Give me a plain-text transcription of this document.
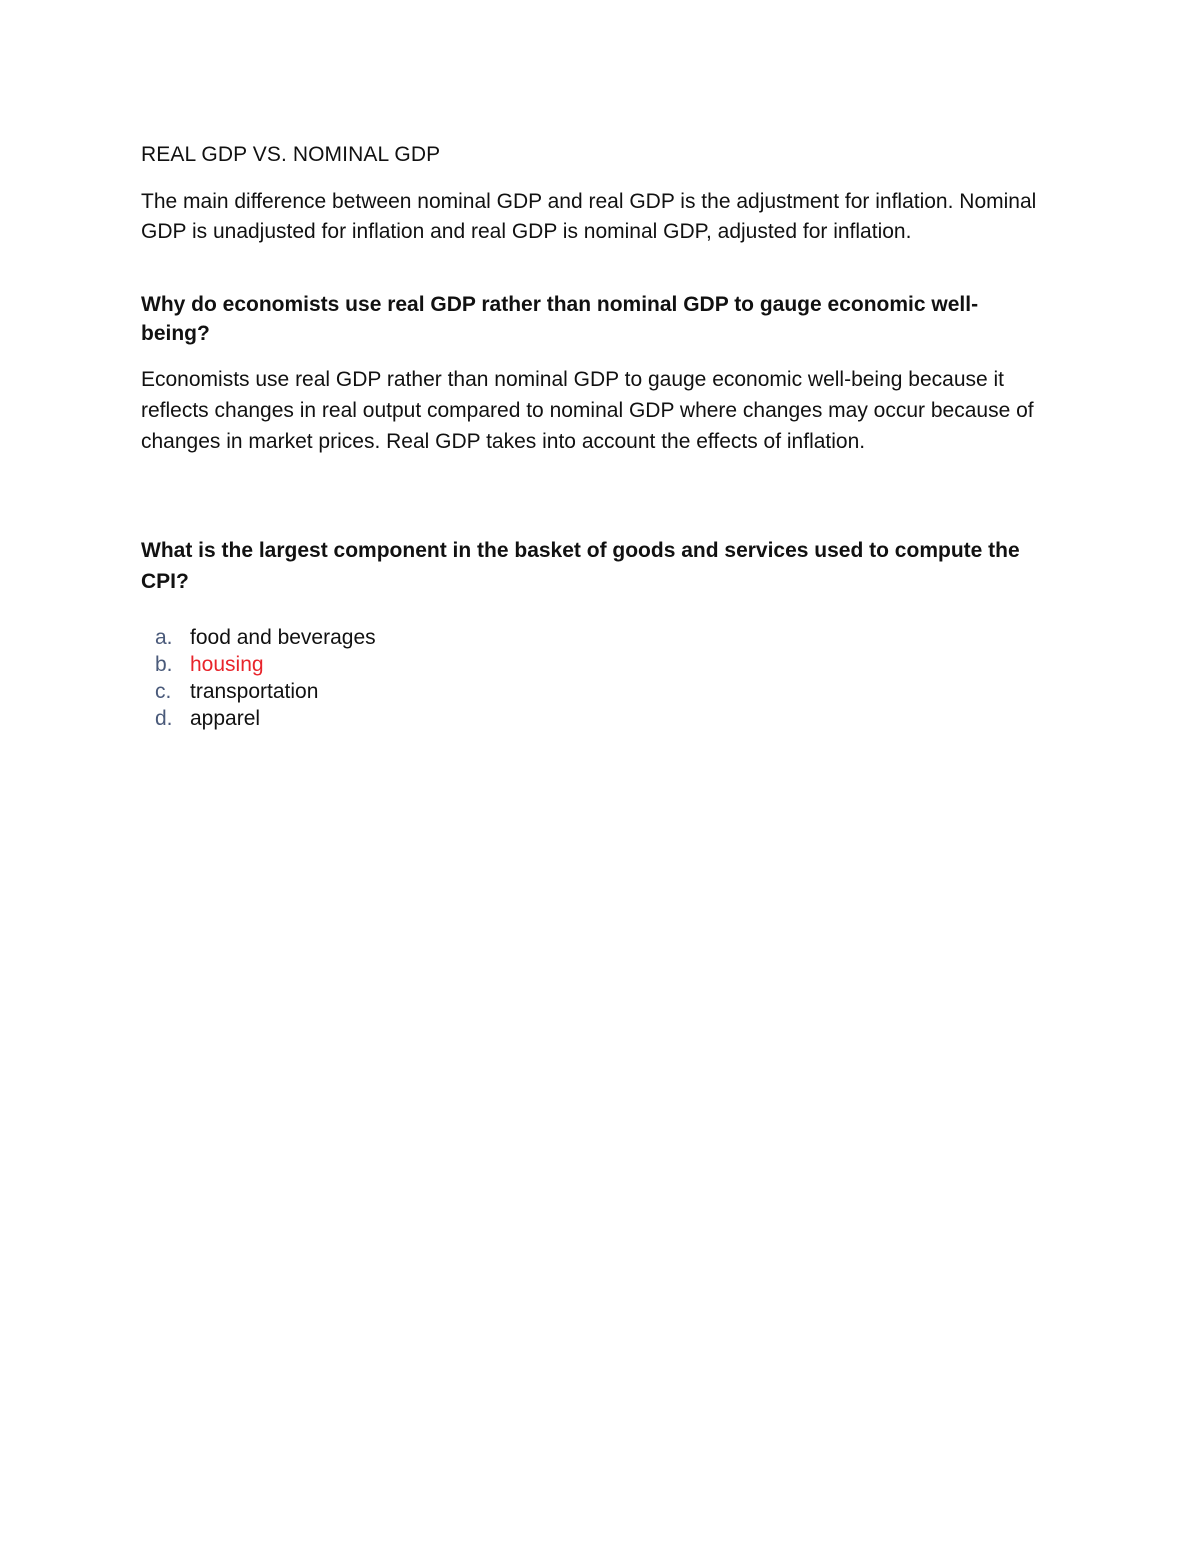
REAL GDP VS. NOMINAL GDP
The main difference between nominal GDP and real GDP is the adjustment for inflation. Nominal GDP is unadjusted for inflation and real GDP is nominal GDP, adjusted for inflation.
Why do economists use real GDP rather than nominal GDP to gauge economic well-being?
Economists use real GDP rather than nominal GDP to gauge economic well-being because it reflects changes in real output compared to nominal GDP where changes may occur because of changes in market prices. Real GDP takes into account the effects of inflation.
What is the largest component in the basket of goods and services used to compute the CPI?
a. food and beverages
b. housing
c. transportation
d. apparel
